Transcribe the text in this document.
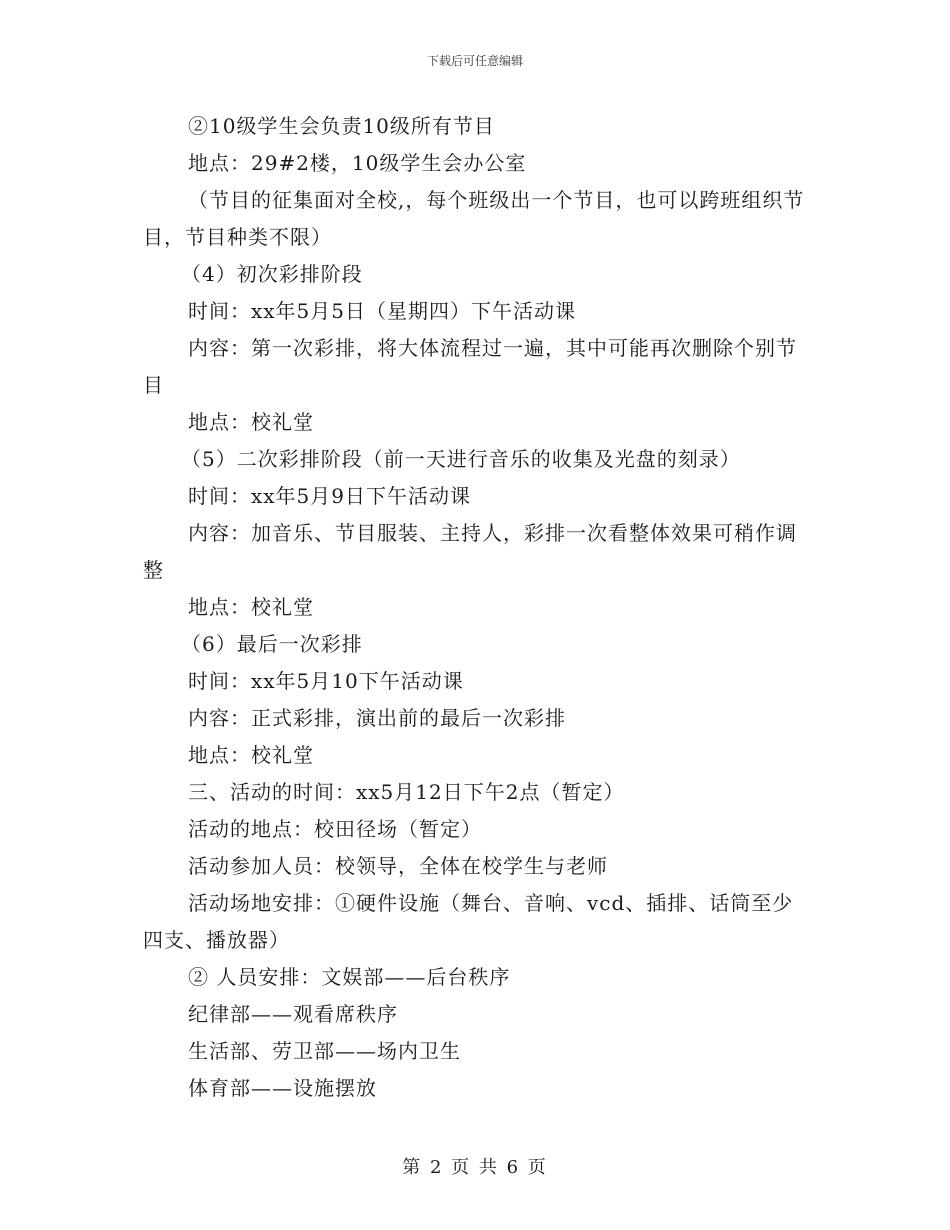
下载后可任意编辑

②10级学生会负责10级所有节目

地点：29#2楼，10级学生会办公室

（节目的征集面对全校,，每个班级出一个节目，也可以跨班组织节目，节目种类不限）

（4）初次彩排阶段

时间：xx年5月5日（星期四）下午活动课

内容：第一次彩排，将大体流程过一遍，其中可能再次删除个别节目

地点：校礼堂

（5）二次彩排阶段（前一天进行音乐的收集及光盘的刻录）

时间：xx年5月9日下午活动课

内容：加音乐、节目服装、主持人，彩排一次看整体效果可稍作调整

地点：校礼堂

（6）最后一次彩排

时间：xx年5月10下午活动课

内容：正式彩排，演出前的最后一次彩排

地点：校礼堂

三、活动的时间：xx5月12日下午2点（暂定）

活动的地点：校田径场（暂定）

活动参加人员：校领导，全体在校学生与老师

活动场地安排：①硬件设施（舞台、音响、vcd、插排、话筒至少四支、播放器）

② 人员安排：文娱部——后台秩序

纪律部——观看席秩序

生活部、劳卫部——场内卫生

体育部——设施摆放

第 2 页 共 6 页
